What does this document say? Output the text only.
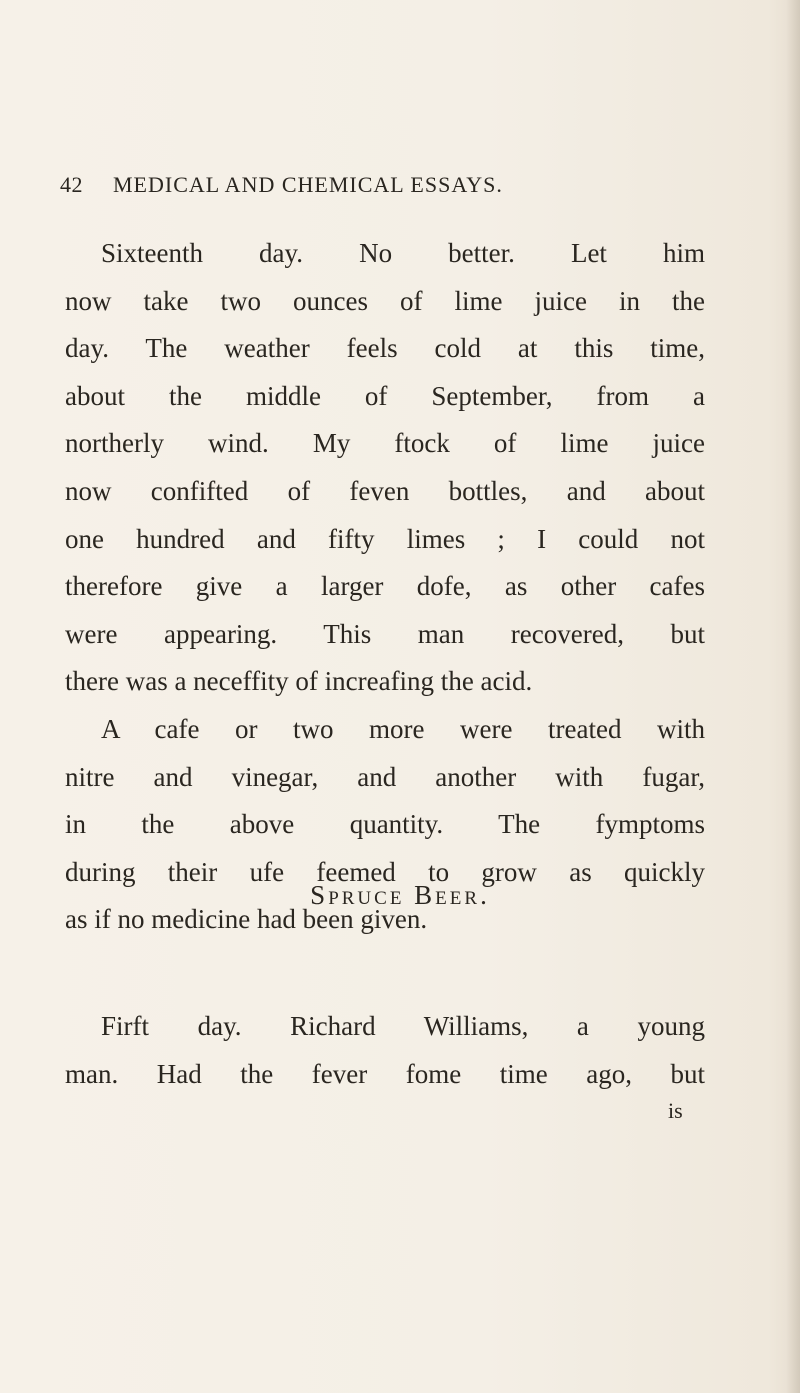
42 MEDICAL AND CHEMICAL ESSAYS.
Sixteenth day. No better. Let him
now take two ounces of lime juice in the
day. The weather feels cold at this time,
about the middle of September, from a
northerly wind. My ftock of lime juice
now confifted of feven bottles, and about
one hundred and fifty limes ; I could not
therefore give a larger dofe, as other cafes
were appearing. This man recovered, but
there was a neceffity of increafing the acid.
A cafe or two more were treated with
nitre and vinegar, and another with fugar,
in the above quantity. The fymptoms
during their ufe feemed to grow as quickly
as if no medicine had been given.
Spruce Beer.
Firft day. Richard Williams, a young
man. Had the fever fome time ago, but
is
